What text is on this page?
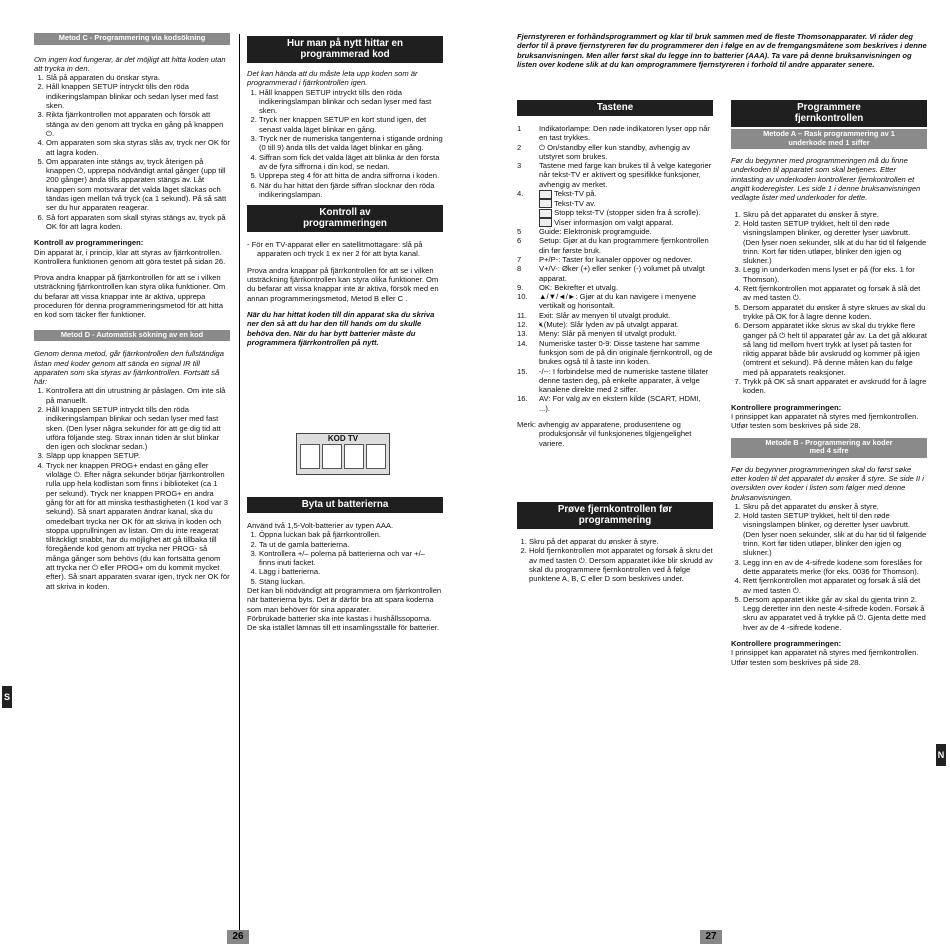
Metod C - Programmering via kodsökning

Om ingen kod fungerar, är det möjligt att hitta koden utan att trycka in den.

1. Slå på apparaten du önskar styra.
2. Håll knappen SETUP intryckt tills den röda indikeringslampan blinkar och sedan lyser med fast sken.
3. Rikta fjärrkontrollen mot apparaten och försök att stänga av den genom att trycka en gång på knappen ⏻.
4. Om apparaten som ska styras slås av, tryck ner OK för att lagra koden.
5. Om apparaten inte stängs av, tryck återigen på knappen ⏻, upprepa nödvändigt antal gånger (upp till 200 gånger) ända tills apparaten stängs av. Låt knappen som motsvarar det valda läget släckas och tändas igen mellan två tryck (ca 1 sekund). På så sätt ser du hur apparaten reagerar.
6. Så fort apparaten som skall styras stängs av, tryck på OK för att lagra koden.

Kontroll av programmeringen:

Din apparat är, i princip, klar att styras av fjärrkontrollen. Kontrollera funktionen genom att göra testet på sidan 26.

Prova andra knappar på fjärrkontrollen för att se i vilken utsträckning fjärrkontrollen kan styra olika funktioner. Om du befarar att vissa knappar inte är aktiva, upprepa proceduren för denna programmeringsmetod för att hitta en kod som täcker fler funktioner.

Metod D - Automatisk sökning av en kod

Genom denna metod, går fjärrkontrollen den fullständiga listan med koder genom att sända en signal IR till apparaten som ska styras av fjärrkontrollen. Fortsätt så här:

1. Kontrollera att din utrustning är påslagen. Om inte slå på manuellt.
2. Håll knappen SETUP intryckt tills den röda indikeringslampan blinkar och sedan lyser med fast sken. (Den lyser några sekunder för att ge dig tid att utföra följande steg. Strax innan tiden är slut blinkar den igen och slocknar sedan.)
3. Släpp upp knappen SETUP.
4. Tryck ner knappen PROG+ endast en gång eller viloläge ⏻. Efter några sekunder börjar fjärrkontrollen rulla upp hela kodlistan som finns i biblioteket (ca 1 per sekund). Tryck ner knappen PROG+ en andra gång för att för att minska testhastigheten (1 kod var 3 sekund). Så snart apparaten ändrar kanal, ska du omedelbart trycka ner OK för att skriva in koden och stoppa upprullningen av listan. Om du inte reagerat tillräckligt snabbt, har du möjlighet att gå tillbaka till föregående kod genom att trycka ner PROG- så många gånger som behövs (du kan fortsätta genom att trycka ner ⏻ eller PROG+ om du kommit mycket efter). Så snart apparaten svarar igen, tryck ner OK för att skriva in koden.
Hur man på nytt hittar en programmerad kod

Det kan hända att du måste leta upp koden som är programmerad i fjärrkontrollen igen.

1. Håll knappen SETUP intryckt tills den röda indikeringslampan blinkar och sedan lyser med fast sken.
2. Tryck ner knappen SETUP en kort stund igen, det senast valda läget blinkar en gång.
3. Tryck ner de numeriska tangenterna i stigande ordning (0 till 9) ända tills det valda läget blinkar en gång.
4. Siffran som fick det valda läget att blinka är den första av de fyra siffrorna i din kod, se nedan.
5. Upprepa steg 4 för att hitta de andra siffrorna i koden.
6. När du har hittat den fjärde siffran slocknar den röda indikeringslampan.
Kontroll av programmeringen

- För en TV-apparat eller en satellitmottagare: slå på apparaten och tryck 1 ex ner 2 för att byta kanal.

Prova andra knappar på fjärrkontrollen för att se i vilken utsträckning fjärrkontrollen kan styra olika funktioner. Om du befarar att vissa knappar inte är aktiva, försök med en annan programmeringsmetod, Metod B eller C .

När du har hittat koden till din apparat ska du skriva ner den så att du har den till hands om du skulle behöva den. När du har bytt batterier måste du programmera fjärrkontrollen på nytt.

KOD TV
Byta ut batterierna

Använd två 1,5-Volt-batterier av typen AAA.

1. Öppna luckan bak på fjärrkontrollen.
2. Ta ut de gamla batterierna.
3. Kontrollera +/– polerna på batterierna och var +/– finns inuti facket.
4. Lägg i batterierna.
5. Stäng luckan.

Det kan bli nödvändigt att programmera om fjärrkontrollen när batterierna byts. Det är därför bra att spara koderna som man behöver för sina apparater.

Förbrukade batterier ska inte kastas i hushållssoporna. De ska istället lämnas till ett insamlingsställe för batterier.

Fjernstyreren er forhåndsprogrammert og klar til bruk sammen med de fleste Thomsonapparater. Vi råder deg derfor til å prøve fjernstyreren før du programmerer den i følge en av de fremgangsmåtene som beskrives i denne bruksanvisningen. Men aller først skal du legge inn to batterier (AAA). Ta vare på denne bruksanvisningen og listen over kodene slik at du kan omprogrammere fjernstyreren i forhold til andre apparater senere.

Tastene
1	Indikatorlampe: Den røde indikatoren lyser opp når en tast trykkes.
2	⏻ On/standby eller kun standby, avhengig av utstyret som brukes.
3	Tastene med farge kan brukes til å velge kategorier når tekst-TV er aktivert og spesifikke funksjoner, avhengig av merket.
4.	Tekst-TV på.
Tekst-TV av.
Stopp tekst-TV (stopper siden fra å scrolle).
Viser informasjon om valgt apparat.
5	Guide: Elektronisk programguide.
6	Setup: Gjør at du kan programmere fjernkontrollen din før første bruk.
7	P+/P-: Taster for kanaler oppover og nedover.
8	V+/V-: Øker (+) eller senker (-) volumet på utvalgt apparat.
9.	OK: Bekrefter et utvalg.
10.	▲/▼/◄/►: Gjør at du kan navigere i menyene vertikalt og horisontalt.
11.	Exit: Slår av menyen til utvalgt produkt.
12.	🔇︎(Mute): Slår lyden av på utvalgt apparat.
13.	Meny: Slår på menyen til utvalgt produkt.
14.	Numeriske taster 0-9: Disse tastene har samme funksjon som de på din originale fjernkontroll, og de brukes også til å taste inn koden.
15.	-/--: I forbindelse med de numeriske tastene tillater denne tasten deg, på enkelte apparater, å velge kanalene direkte med 2 siffer.
16.	AV: For valg av en ekstern kilde (SCART, HDMI, ...).

Merk: avhengig av apparatene, produsentene og produksjonsår vil funksjonenes tilgjengelighet variere.

Prøve fjernkontrollen før programmering
1. Skru på det apparat du ønsker å styre.
2. Hold fjernkontrollen mot apparatet og forsøk å skru det av med tasten ⏻. Dersom apparatet ikke blir skrudd av skal du programmere fjernkontrollen ved å følge punktene A, B, C eller D som beskrives under.
Programmere fjernkontrollen
Metode A – Rask programmering av 1 underkode med 1 siffer

Før du begynner med programmeringen må du finne underkoden til apparatet som skal betjenes. Etter inntasting av underkoden kontrollerer fjernkontrollen et angitt koderegister. Les side 1 i denne bruksanvisningen vedlagte lister med underkoder for dette.

1. Skru på det apparatet du ønsker å styre.
2. Hold tasten SETUP trykket, helt til den røde visningslampen blinker, og deretter lyser uavbrutt. (Den lyser noen sekunder, slik at du har tid til følgende trinn. Kort før tiden utløper, blinker den igjen og slukner.)
3. Legg in underkoden mens lyset er på (for eks. 1 for Thomson).
4. Rett fjernkontrollen mot apparatet og forsøk å slå det av med tasten ⏻.
5. Dersom apparatet du ønsker å styre skrues av skal du trykke på OK for å lagre denne koden.
6. Dersom apparatet ikke skrus av skal du trykke flere ganger på ⏻ helt til apparatet går av. La det gå akkurat så lang tid mellom hvert trykk at lyset på tasten for riktig apparat både blir avskrudd og kommer på igjen (omtrent et sekund). På denne måten kan du følge med på apparatets reaksjoner.
7. Trykk på OK så snart apparatet er avskrudd for å lagre koden.

Kontrollere programmeringen:

I prinsippet kan apparatet nå styres med fjernkontrollen. Utfør testen som beskrives på side 28.

Metode B - Programmering av koder med 4 sifre

Før du begynner programmeringen skal du først søke etter koden til det apparatet du ønsker å styre. Se side II i oversikten over koder i listen som følger med denne bruksanvisningen.

1. Skru på det apparatet du ønsker å styre.
2. Hold tasten SETUP trykket, helt til den røde visningslampen blinker, og deretter lyser uavbrutt. (Den lyser noen sekunder, slik at du har tid til følgende trinn. Kort før tiden utløper, blinker den igjen og slukner.)
3. Legg inn en av de 4-sifrede kodene som foreslåes for dette apparatets merke (for eks. 0036 for Thomson).
4. Rett fjernkontrollen mot apparatet og forsøk å slå det av med tasten ⏻.
5. Dersom apparatet ikke går av skal du gjenta trinn 2. Legg deretter inn den neste 4-sifrede koden. Forsøk å skru av apparatet ved å trykke på ⏻. Gjenta dette med hver av de 4 -sifrede kodene.

Kontrollere programmeringen:

I prinsippet kan apparatet nå styres med fjernkontrollen. Utfør testen som beskrives på side 28.

S
N
26	27
